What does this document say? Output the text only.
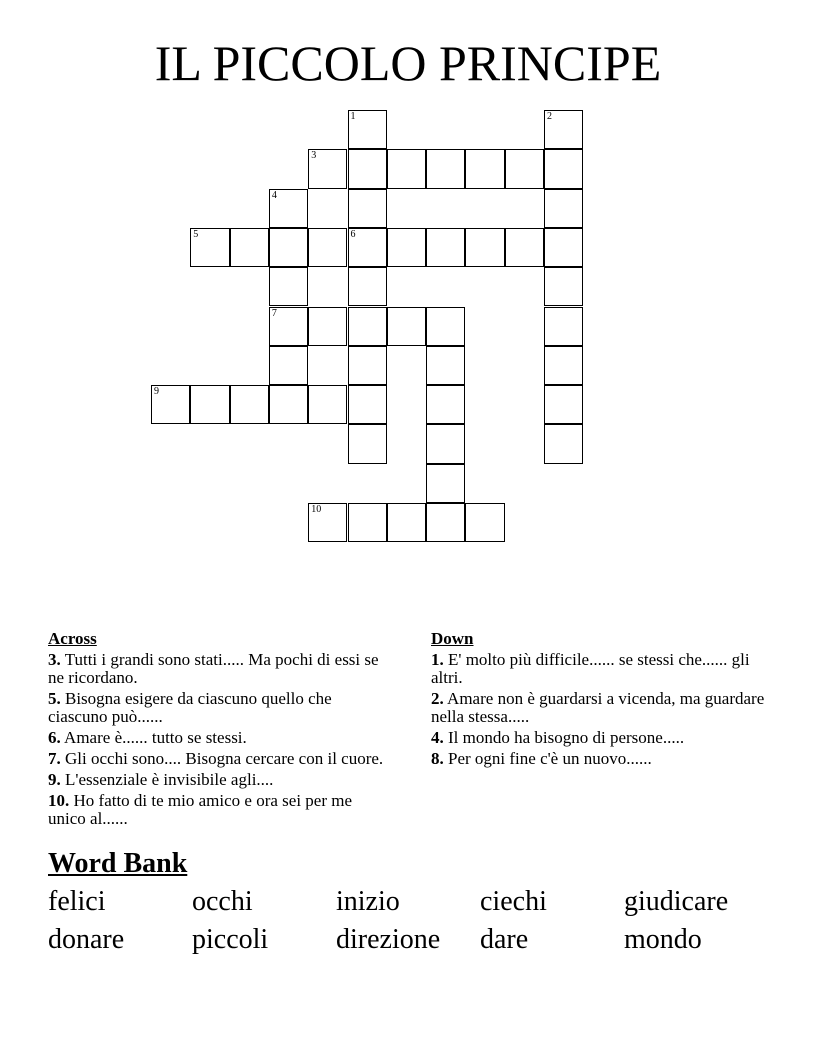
IL PICCOLO PRINCIPE
1	2
3
4
5	6
7
9
10
Across
3. Tutti i grandi sono stati..... Ma pochi di essi se ne ricordano.
5. Bisogna esigere da ciascuno quello che ciascuno può......
6. Amare è...... tutto se stessi.
7. Gli occhi sono.... Bisogna cercare con il cuore.
9. L'essenziale è invisibile agli....
10. Ho fatto di te mio amico e ora sei per me unico al......
Down
1. E' molto più difficile...... se stessi che...... gli altri.
2. Amare non è guardarsi a vicenda, ma guardare nella stessa.....
4. Il mondo ha bisogno di persone.....
8. Per ogni fine c'è un nuovo......
Word Bank
felici	occhi	inizio	ciechi	giudicare
donare	piccoli	direzione	dare	mondo
